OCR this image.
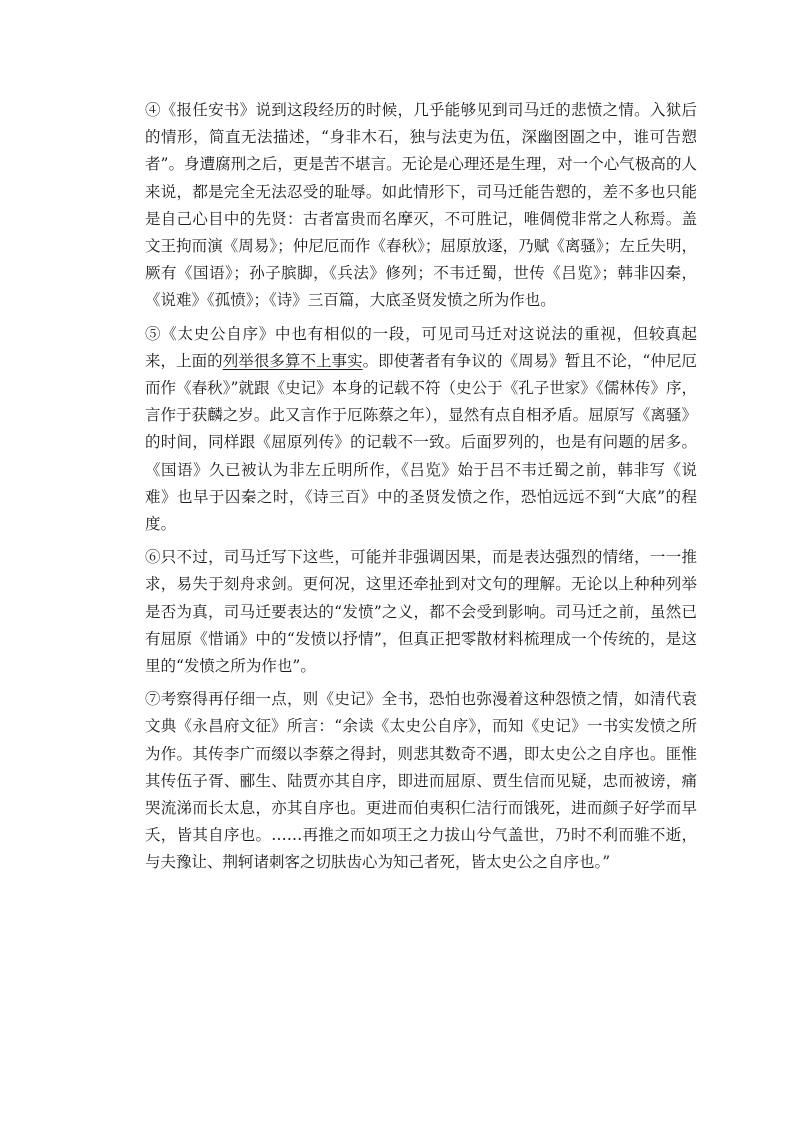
④《报任安书》说到这段经历的时候，几乎能够见到司马迁的悲愤之情。入狱后的情形，简直无法描述，“身非木石，独与法吏为伍，深幽囹圄之中，谁可告愬者”。身遭腐刑之后，更是苦不堪言。无论是心理还是生理，对一个心气极高的人来说，都是完全无法忍受的耻辱。如此情形下，司马迁能告愬的，差不多也只能是自己心目中的先贤：古者富贵而名摩灭，不可胜记，唯倜傥非常之人称焉。盖文王拘而演《周易》；仲尼厄而作《春秋》；屈原放逐，乃赋《离骚》；左丘失明，厥有《国语》；孙子膑脚，《兵法》修列；不韦迁蜀，世传《吕览》；韩非囚秦，《说难》《孤愤》；《诗》三百篇，大底圣贤发愤之所为作也。

⑤《太史公自序》中也有相似的一段，可见司马迁对这说法的重视，但较真起来，上面的列举很多算不上事实。即使著者有争议的《周易》暂且不论，“仲尼厄而作《春秋》”就跟《史记》本身的记载不符（史公于《孔子世家》《儒林传》序，言作于获麟之岁。此又言作于厄陈蔡之年），显然有点自相矛盾。屈原写《离骚》的时间，同样跟《屈原列传》的记载不一致。后面罗列的，也是有问题的居多。《国语》久已被认为非左丘明所作，《吕览》始于吕不韦迁蜀之前，韩非写《说难》也早于囚秦之时，《诗三百》中的圣贤发愤之作，恐怕远远不到“大底”的程度。

⑥只不过，司马迁写下这些，可能并非强调因果，而是表达强烈的情绪，一一推求，易失于刻舟求剑。更何况，这里还牵扯到对文句的理解。无论以上种种列举是否为真，司马迁要表达的“发愤”之义，都不会受到影响。司马迁之前，虽然已有屈原《惜诵》中的“发愤以抒情”，但真正把零散材料梳理成一个传统的，是这里的“发愤之所为作也”。

⑦考察得再仔细一点，则《史记》全书，恐怕也弥漫着这种怨愤之情，如清代袁文典《永昌府文征》所言：“余读《太史公自序》，而知《史记》一书实发愤之所为作。其传李广而缀以李蔡之得封，则悲其数奇不遇，即太史公之自序也。匪惟其传伍子胥、郦生、陆贾亦其自序，即进而屈原、贾生信而见疑，忠而被谤，痛哭流涕而长太息，亦其自序也。更进而伯夷积仁洁行而饿死，进而颜子好学而早夭，皆其自序也。……再推之而如项王之力拔山兮气盖世，乃时不利而骓不逝，与夫豫让、荆轲诸刺客之切肤齿心为知己者死，皆太史公之自序也。”
